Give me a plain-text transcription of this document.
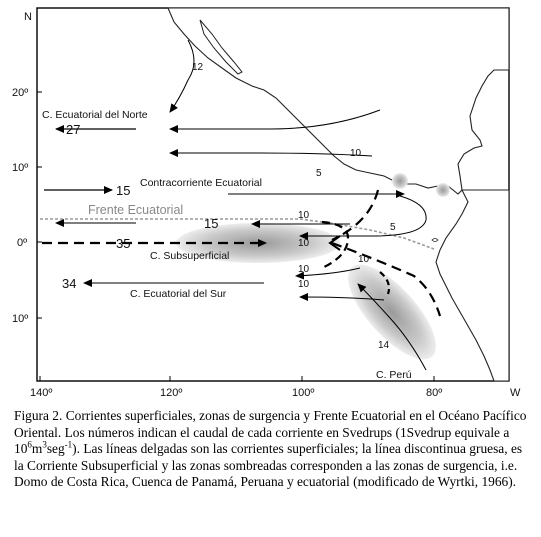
N
W
20º
10º
0º
10º
140º	120º	100º	80º
C. Ecuatorial del Norte
Contracorriente Ecuatorial
Frente Ecuatorial
C. Subsuperficial
C. Ecuatorial del Sur
C. Perú
12
27
10
5
15
10
5
15
35
34
10
10
14
10
10

Figura 2. Corrientes superficiales, zonas de surgencia y Frente Ecuatorial en el Océano Pacífico Oriental. Los números indican el caudal de cada corriente en Svedrups (1Svedrup equivale a $10^6m^3seg^{-1}$). Las líneas delgadas son las corrientes superficiales; la línea discontinua gruesa, es la Corriente Subsuperficial y las zonas sombreadas corresponden a las zonas de surgencia, i.e. Domo de Costa Rica, Cuenca de Panamá, Peruana y ecuatorial (modificado de Wyrtki, 1966).
